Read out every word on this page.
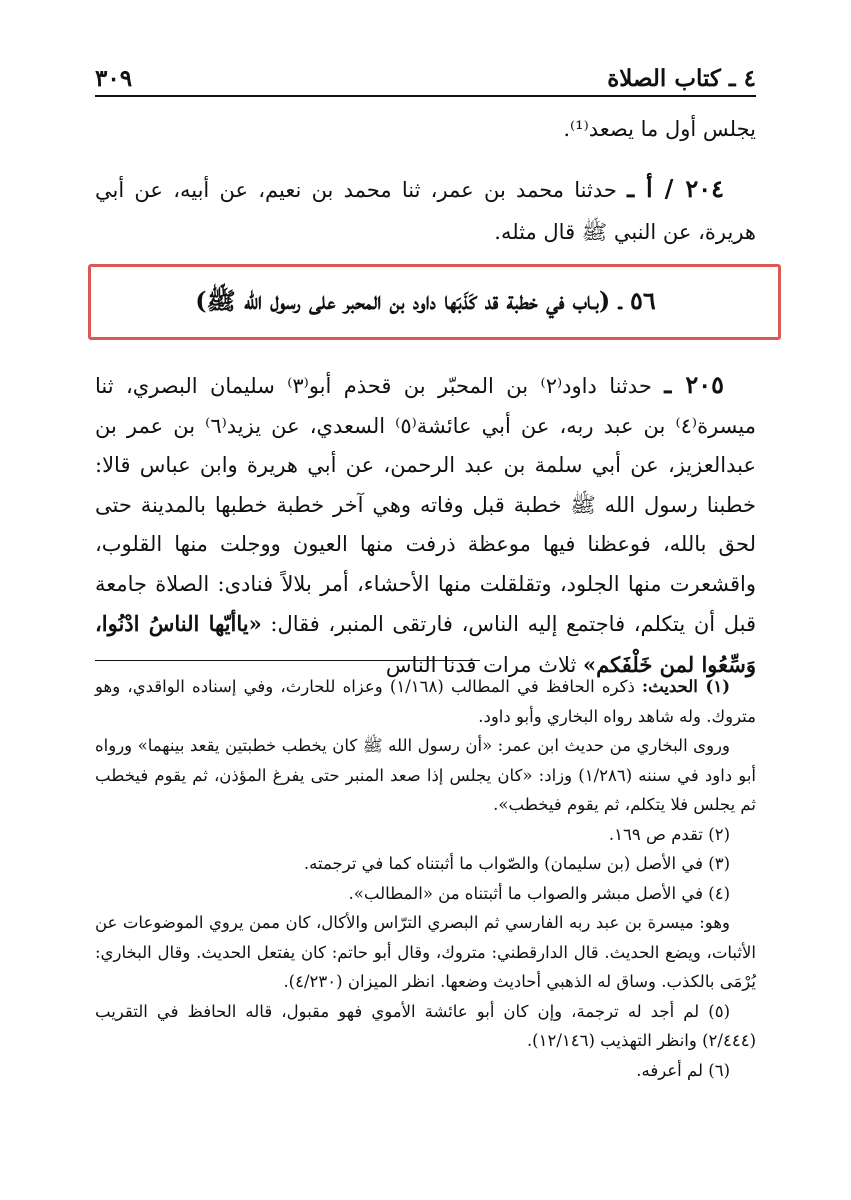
٤ ـ كتاب الصلاة
٣٠٩

يجلس أول ما يصعد⁽¹⁾.

٢٠٤ / أ ـ حدثنا محمد بن عمر، ثنا محمد بن نعيم، عن أبيه، عن أبي هريرة، عن النبي ﷺ قال مثله.

٥٦ ـ (بـاب في خطبة قد كَذَبَها داود بن المحبر على رسول الله ﷺ)

٢٠٥ ـ حدثنا داود⁽٢⁾ بن المحبّر بن قحذم أبو⁽٣⁾ سليمان البصري، ثنا ميسرة⁽٤⁾ بن عبد ربه، عن أبي عائشة⁽٥⁾ السعدي، عن يزيد⁽٦⁾ بن عمر بن عبدالعزيز، عن أبي سلمة بن عبد الرحمن، عن أبي هريرة وابن عباس قالا: خطبنا رسول الله ﷺ خطبة قبل وفاته وهي آخر خطبة خطبها بالمدينة حتى لحق بالله، فوعظنا فيها موعظة ذرفت منها العيون ووجلت منها القلوب، واقشعرت منها الجلود، وتقلقلت منها الأحشاء، أمر بلالاً فنادى: الصلاة جامعة قبل أن يتكلم، فاجتمع إليه الناس، فارتقى المنبر، فقال: «ياأيّها الناسُ ادْنُوا، وَسِّعُوا لمن خَلْفَكم» ثلاث مرات فدنا الناس

(١) الحديث: ذكره الحافظ في المطالب (١/١٦٨) وعزاه للحارث، وفي إسناده الواقدي، وهو متروك. وله شاهد رواه البخاري وأبو داود.

وروى البخاري من حديث ابن عمر: «أن رسول الله ﷺ كان يخطب خطبتين يقعد بينهما» ورواه أبو داود في سننه (١/٢٨٦) وزاد: «كان يجلس إذا صعد المنبر حتى يفرغ المؤذن، ثم يقوم فيخطب ثم يجلس فلا يتكلم، ثم يقوم فيخطب».

(٢) تقدم ص ١٦٩.

(٣) في الأصل (بن سليمان) والصّواب ما أثبتناه كما في ترجمته.

(٤) في الأصل مبشر والصواب ما أثبتناه من «المطالب».

وهو: ميسرة بن عبد ربه الفارسي ثم البصري الترّاس والأكال، كان ممن يروي الموضوعات عن الأثبات، ويضع الحديث. قال الدارقطني: متروك، وقال أبو حاتم: كان يفتعل الحديث. وقال البخاري: يُرْمَى بالكذب. وساق له الذهبي أحاديث وضعها. انظر الميزان (٤/٢٣٠).

(٥) لم أجد له ترجمة، وإن كان أبو عائشة الأموي فهو مقبول، قاله الحافظ في التقريب (٢/٤٤٤) وانظر التهذيب (١٢/١٤٦).

(٦) لم أعرفه.
